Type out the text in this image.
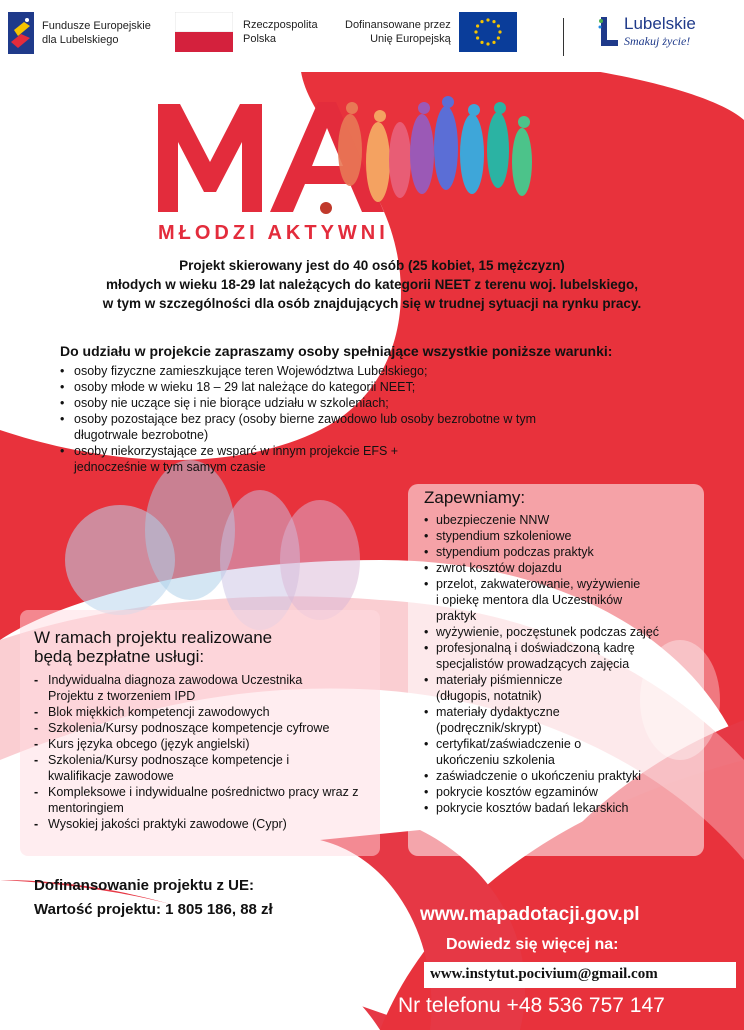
Fundusze Europejskie
dla Lubelskiego
Rzeczpospolita
Polska
Dofinansowane przez
Unię Europejską
Lubelskie
Smakuj życie!
MŁODZI AKTYWNI
Projekt skierowany jest do 40 osób (25 kobiet, 15 mężczyzn)
młodych w wieku 18-29 lat należących do kategorii NEET z terenu woj. lubelskiego,
w tym w szczególności dla osób znajdujących się w trudnej sytuacji na rynku pracy.
Do udziału w projekcie zapraszamy osoby spełniające wszystkie poniższe warunki:
• osoby fizyczne zamieszkujące teren Województwa Lubelskiego;
• osoby młode w wieku 18 – 29 lat należące do kategorii NEET;
• osoby nie uczące się i nie biorące udziału w szkoleniach;
• osoby pozostające bez pracy (osoby bierne zawodowo lub osoby bezrobotne w tym długotrwale bezrobotne)
• osoby niekorzystające ze wsparć w innym projekcie EFS + jednocześnie w tym samym czasie
Zapewniamy:
• ubezpieczenie NNW
• stypendium szkoleniowe
• stypendium podczas praktyk
• zwrot kosztów dojazdu
• przelot, zakwaterowanie, wyżywienie i opiekę mentora dla Uczestników praktyk
• wyżywienie, poczęstunek podczas zajęć
• profesjonalną i doświadczoną kadrę specjalistów prowadzących zajęcia
• materiały piśmiennicze (długopis, notatnik)
• materiały dydaktyczne (podręcznik/skrypt)
• certyfikat/zaświadczenie o ukończeniu szkolenia
• zaświadczenie o ukończeniu praktyki
• pokrycie kosztów egzaminów
• pokrycie kosztów badań lekarskich
W ramach projektu realizowane
będą bezpłatne usługi:
- Indywidualna diagnoza zawodowa Uczestnika Projektu z tworzeniem IPD
- Blok miękkich kompetencji zawodowych
- Szkolenia/Kursy podnoszące kompetencje cyfrowe
- Kurs języka obcego (język angielski)
- Szkolenia/Kursy podnoszące kompetencje i kwalifikacje zawodowe
- Kompleksowe i indywidualne pośrednictwo pracy wraz z mentoringiem
- Wysokiej jakości praktyki zawodowe (Cypr)
Dofinansowanie projektu z UE: 1 534 408, 84 zł
Wartość projektu: 1 805 186, 88 zł	www.mapadotacji.gov.pl
Dowiedz się więcej na:
www.instytut.pocivium@gmail.com
Nr telefonu +48 536 757 147
